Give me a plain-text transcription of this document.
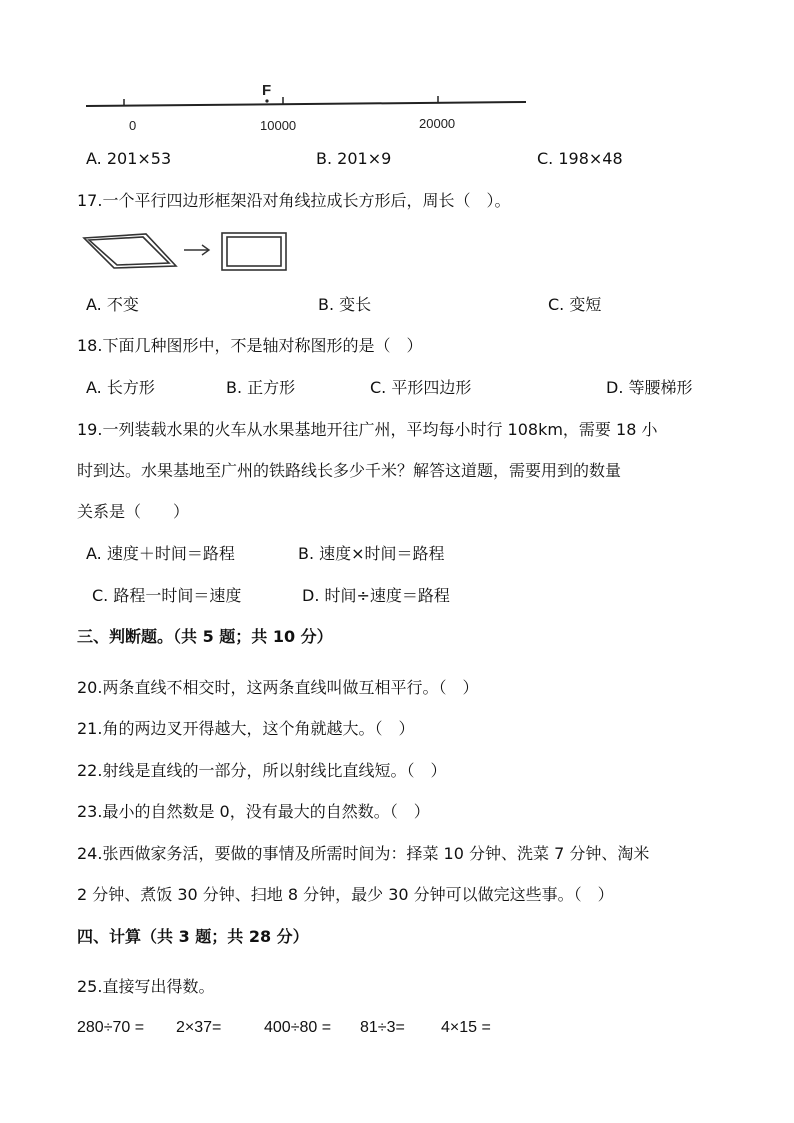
F
0	10000	20000
A. 201×53	B. 201×9	C. 198×48
17.一个平行四边形框架沿对角线拉成长方形后，周长（　）。
A. 不变	B. 变长	C. 变短
18.下面几种图形中，不是轴对称图形的是（　）
A. 长方形	B. 正方形	C. 平形四边形	D. 等腰梯形
19.一列装载水果的火车从水果基地开往广州，平均每小时行 108km，需要 18 小
时到达。水果基地至广州的铁路线长多少千米？解答这道题，需要用到的数量
关系是（　　）
A. 速度＋时间＝路程	B. 速度×时间＝路程
C. 路程一时间＝速度	D. 时间÷速度＝路程
三、判断题。（共 5 题；共 10 分）
20.两条直线不相交时，这两条直线叫做互相平行。（　）
21.角的两边叉开得越大，这个角就越大。（　）
22.射线是直线的一部分，所以射线比直线短。（　）
23.最小的自然数是 0，没有最大的自然数。（　）
24.张西做家务活，要做的事情及所需时间为：择菜 10 分钟、洗菜 7 分钟、淘米
2 分钟、煮饭 30 分钟、扫地 8 分钟，最少 30 分钟可以做完这些事。（　）
四、计算（共 3 题；共 28 分）
25.直接写出得数。
280÷70 = 2×37=	400÷80 = 81÷3= 4×15 =
